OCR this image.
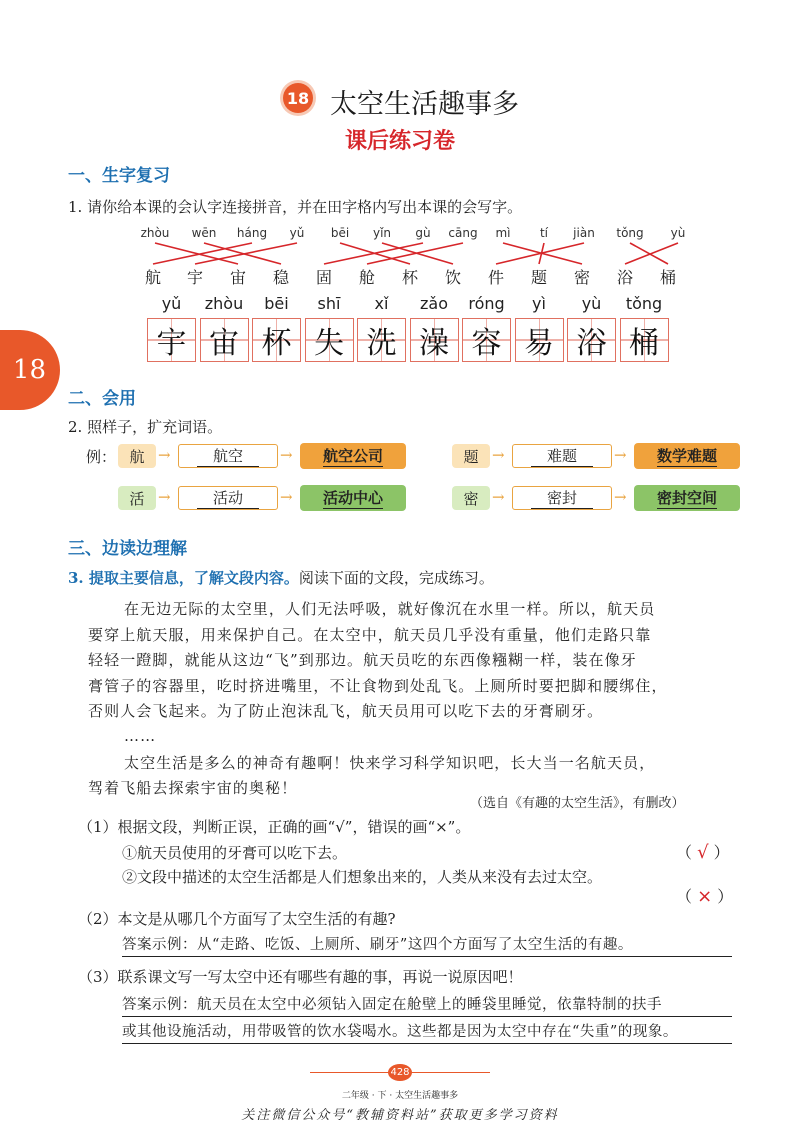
18 太空生活趣事多
课后练习卷
18
一、生字复习
1. 请你给本课的会认字连接拼音，并在田字格内写出本课的会写字。
zhòu	wēn	háng	yǔ	bēi	yǐn	gù	cāng	mì	tí	jiàn	tǒng	yù
航	宇	宙	稳	固	舱	杯	饮	件	题	密	浴	桶
yǔ	zhòu	bēi	shī	xǐ	zǎo	róng	yì	yù	tǒng
宇 宙 杯 失 洗 澡 容 易 浴 桶
二、会用
2. 照样子，扩充词语。
例： 航 →	航空	→	航空公司
活 →	活动	→	活动中心
题 →	难题	→	数学难题
密 →	密封	→	密封空间
三、边读边理解
3. 提取主要信息，了解文段内容。阅读下面的文段，完成练习。
在无边无际的太空里，人们无法呼吸，就好像沉在水里一样。所以，航天员
要穿上航天服，用来保护自己。在太空中，航天员几乎没有重量，他们走路只靠
轻轻一蹬脚，就能从这边“飞”到那边。航天员吃的东西像糨糊一样，装在像牙
膏管子的容器里，吃时挤进嘴里，不让食物到处乱飞。上厕所时要把脚和腰绑住，
否则人会飞起来。为了防止泡沫乱飞，航天员用可以吃下去的牙膏刷牙。
……
太空生活是多么的神奇有趣啊！快来学习科学知识吧，长大当一名航天员，
驾着飞船去探索宇宙的奥秘！
（选自《有趣的太空生活》，有删改）
（1）根据文段，判断正误，正确的画“√”，错误的画“×”。
①航天员使用的牙膏可以吃下去。	（ √ ）
②文段中描述的太空生活都是人们想象出来的，人类从来没有去过太空。
（ × ）
（2）本文是从哪几个方面写了太空生活的有趣?
答案示例：从“走路、吃饭、上厕所、刷牙”这四个方面写了太空生活的有趣。
（3）联系课文写一写太空中还有哪些有趣的事，再说一说原因吧！
答案示例：航天员在太空中必须钻入固定在舱壁上的睡袋里睡觉，依靠特制的扶手
或其他设施活动，用带吸管的饮水袋喝水。这些都是因为太空中存在“失重”的现象。
428
二年级 · 下 · 太空生活趣事多
关注微信公众号“教辅资料站”获取更多学习资料
